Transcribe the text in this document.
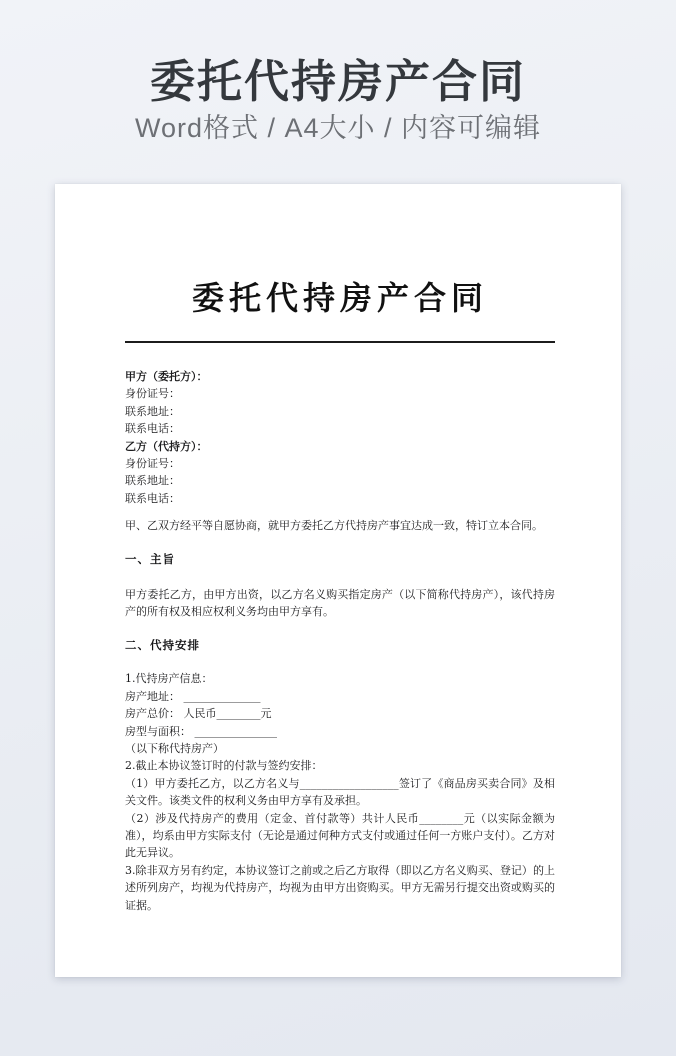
委托代持房产合同
Word格式 / A4大小 / 内容可编辑
委托代持房产合同
甲方（委托方）：
身份证号：
联系地址：
联系电话：
乙方（代持方）：
身份证号：
联系地址：
联系电话：

甲、乙双方经平等自愿协商，就甲方委托乙方代持房产事宜达成一致，特订立本合同。

一、主旨

甲方委托乙方，由甲方出资，以乙方名义购买指定房产（以下简称代持房产），该代持房产的所有权及相应权利义务均由甲方享有。

二、代持安排
1.代持房产信息：
房产地址： ______________
房产总价： 人民币________元
房型与面积： _______________
（以下称代持房产）
2.截止本协议签订时的付款与签约安排：

（1）甲方委托乙方，以乙方名义与__________________签订了《商品房买卖合同》及相关文件。该类文件的权利义务由甲方享有及承担。

（2）涉及代持房产的费用（定金、首付款等）共计人民币________元（以实际金额为准），均系由甲方实际支付（无论是通过何种方式支付或通过任何一方账户支付）。乙方对此无异议。

3.除非双方另有约定，本协议签订之前或之后乙方取得（即以乙方名义购买、登记）的上述所列房产，均视为代持房产，均视为由甲方出资购买。甲方无需另行提交出资或购买的证据。
